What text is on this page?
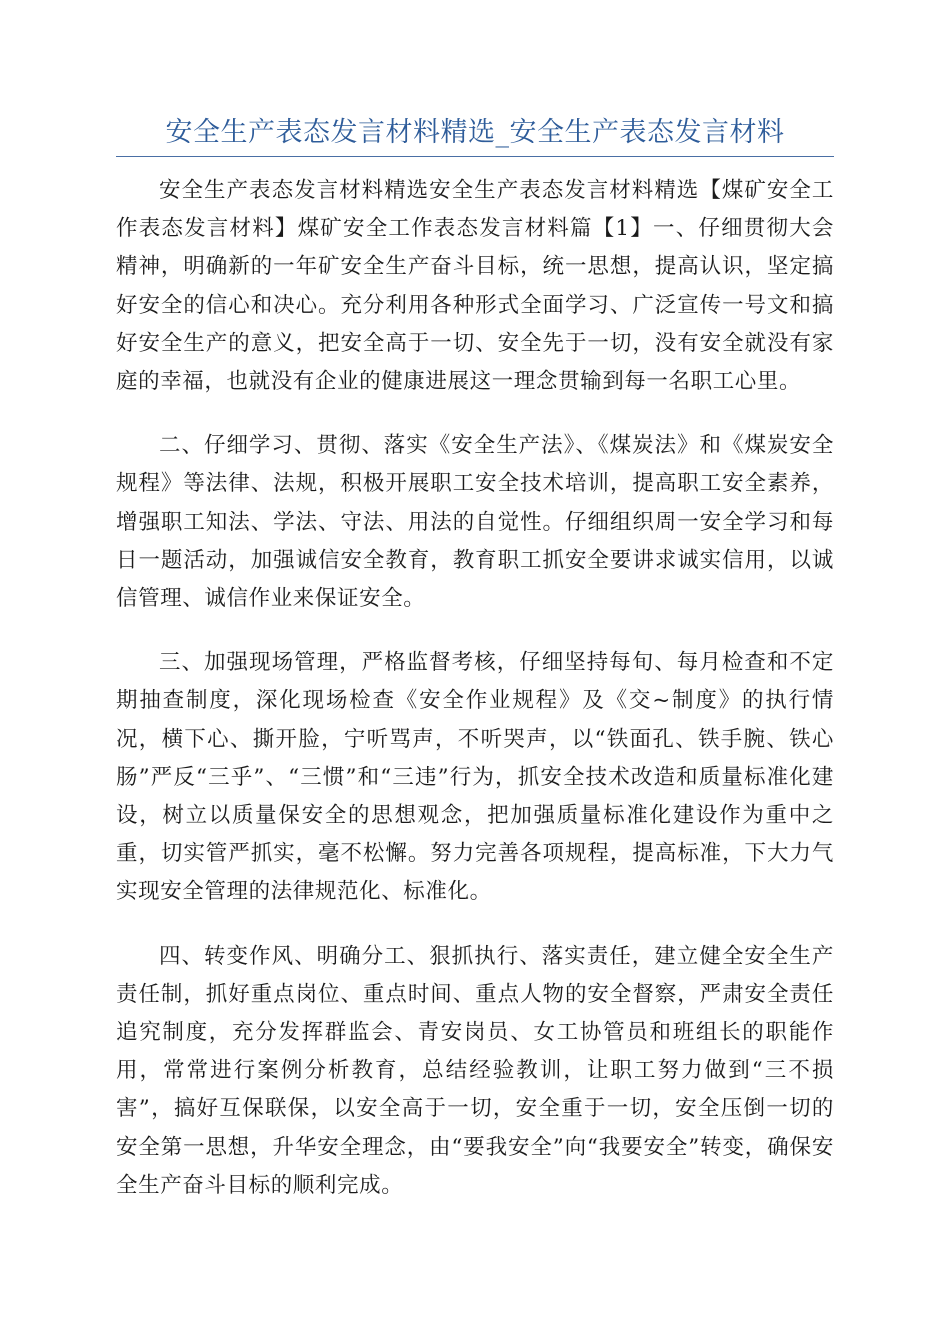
安全生产表态发言材料精选_安全生产表态发言材料

安全生产表态发言材料精选安全生产表态发言材料精选【煤矿安全工作表态发言材料】煤矿安全工作表态发言材料篇【1】一、仔细贯彻大会精神，明确新的一年矿安全生产奋斗目标，统一思想，提高认识，坚定搞好安全的信心和决心。充分利用各种形式全面学习、广泛宣传一号文和搞好安全生产的意义，把安全高于一切、安全先于一切，没有安全就没有家庭的幸福，也就没有企业的健康进展这一理念贯输到每一名职工心里。

二、仔细学习、贯彻、落实《安全生产法》、《煤炭法》和《煤炭安全规程》等法律、法规，积极开展职工安全技术培训，提高职工安全素养，增强职工知法、学法、守法、用法的自觉性。仔细组织周一安全学习和每日一题活动，加强诚信安全教育，教育职工抓安全要讲求诚实信用，以诚信管理、诚信作业来保证安全。

三、加强现场管理，严格监督考核，仔细坚持每旬、每月检查和不定期抽查制度，深化现场检查《安全作业规程》及《交~制度》的执行情况，横下心、撕开脸，宁听骂声，不听哭声，以“铁面孔、铁手腕、铁心肠”严反“三乎”、“三惯”和“三违”行为，抓安全技术改造和质量标准化建设，树立以质量保安全的思想观念，把加强质量标准化建设作为重中之重，切实管严抓实，毫不松懈。努力完善各项规程，提高标准，下大力气实现安全管理的法律规范化、标准化。

四、转变作风、明确分工、狠抓执行、落实责任，建立健全安全生产责任制，抓好重点岗位、重点时间、重点人物的安全督察，严肃安全责任追究制度，充分发挥群监会、青安岗员、女工协管员和班组长的职能作用，常常进行案例分析教育，总结经验教训，让职工努力做到“三不损害”，搞好互保联保，以安全高于一切，安全重于一切，安全压倒一切的安全第一思想，升华安全理念，由“要我安全”向“我要安全”转变，确保安全生产奋斗目标的顺利完成。
